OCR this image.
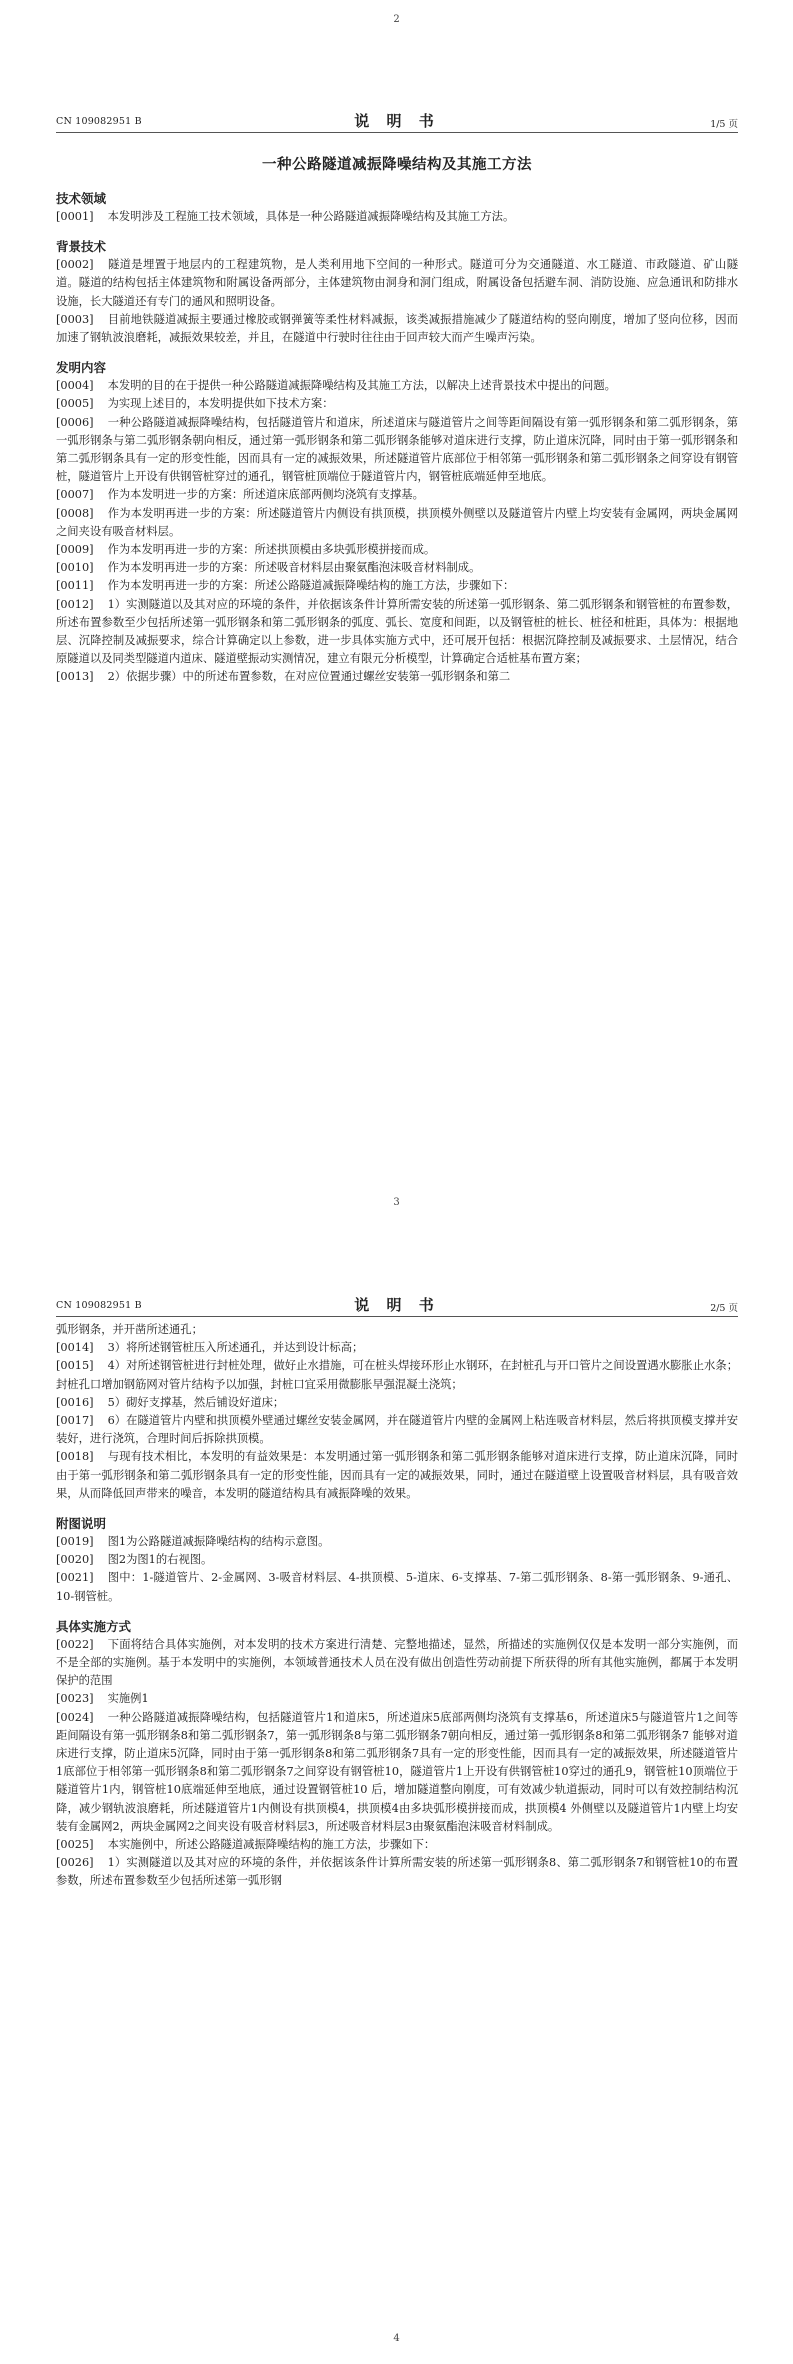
2
CN 109082951 B	说 明 书	1/5 页
一种公路隧道减振降噪结构及其施工方法
技术领域

[0001] 本发明涉及工程施工技术领域，具体是一种公路隧道减振降噪结构及其施工方法。

背景技术

[0002] 隧道是埋置于地层内的工程建筑物，是人类利用地下空间的一种形式。隧道可分为交通隧道、水工隧道、市政隧道、矿山隧道。隧道的结构包括主体建筑物和附属设备两部分，主体建筑物由洞身和洞门组成，附属设备包括避车洞、消防设施、应急通讯和防排水设施，长大隧道还有专门的通风和照明设备。

[0003] 目前地铁隧道减振主要通过橡胶或钢弹簧等柔性材料减振，该类减振措施减少了隧道结构的竖向刚度，增加了竖向位移，因而加速了钢轨波浪磨耗，减振效果较差，并且，在隧道中行驶时往往由于回声较大而产生噪声污染。

发明内容

[0004] 本发明的目的在于提供一种公路隧道减振降噪结构及其施工方法，以解决上述背景技术中提出的问题。

[0005] 为实现上述目的，本发明提供如下技术方案：

[0006] 一种公路隧道减振降噪结构，包括隧道管片和道床，所述道床与隧道管片之间等距间隔设有第一弧形钢条和第二弧形钢条，第一弧形钢条与第二弧形钢条朝向相反，通过第一弧形钢条和第二弧形钢条能够对道床进行支撑，防止道床沉降，同时由于第一弧形钢条和第二弧形钢条具有一定的形变性能，因而具有一定的减振效果，所述隧道管片底部位于相邻第一弧形钢条和第二弧形钢条之间穿设有钢管桩，隧道管片上开设有供钢管桩穿过的通孔，钢管桩顶端位于隧道管片内，钢管桩底端延伸至地底。

[0007] 作为本发明进一步的方案：所述道床底部两侧均浇筑有支撑基。

[0008] 作为本发明再进一步的方案：所述隧道管片内侧设有拱顶模，拱顶模外侧壁以及隧道管片内壁上均安装有金属网，两块金属网之间夹设有吸音材料层。

[0009] 作为本发明再进一步的方案：所述拱顶模由多块弧形模拼接而成。

[0010] 作为本发明再进一步的方案：所述吸音材料层由聚氨酯泡沫吸音材料制成。

[0011] 作为本发明再进一步的方案：所述公路隧道减振降噪结构的施工方法，步骤如下：

[0012] 1）实测隧道以及其对应的环境的条件，并依据该条件计算所需安装的所述第一弧形钢条、第二弧形钢条和钢管桩的布置参数，所述布置参数至少包括所述第一弧形钢条和第二弧形钢条的弧度、弧长、宽度和间距，以及钢管桩的桩长、桩径和桩距，具体为：根据地层、沉降控制及减振要求，综合计算确定以上参数，进一步具体实施方式中，还可展开包括：根据沉降控制及减振要求、土层情况，结合原隧道以及同类型隧道内道床、隧道壁振动实测情况，建立有限元分析模型，计算确定合适桩基布置方案；

[0013] 2）依据步骤）中的所述布置参数，在对应位置通过螺丝安装第一弧形钢条和第二

3
CN 109082951 B	说 明 书	2/5 页

弧形钢条，并开凿所述通孔；

[0014] 3）将所述钢管桩压入所述通孔，并达到设计标高；

[0015] 4）对所述钢管桩进行封桩处理，做好止水措施，可在桩头焊接环形止水钢环，在封桩孔与开口管片之间设置遇水膨胀止水条；封桩孔口增加钢筋网对管片结构予以加强，封桩口宜采用微膨胀早强混凝土浇筑；

[0016] 5）砌好支撑基，然后铺设好道床；

[0017] 6）在隧道管片内壁和拱顶模外壁通过螺丝安装金属网，并在隧道管片内壁的金属网上粘连吸音材料层，然后将拱顶模支撑并安装好，进行浇筑，合理时间后拆除拱顶模。

[0018] 与现有技术相比，本发明的有益效果是：本发明通过第一弧形钢条和第二弧形钢条能够对道床进行支撑，防止道床沉降，同时由于第一弧形钢条和第二弧形钢条具有一定的形变性能，因而具有一定的减振效果，同时，通过在隧道壁上设置吸音材料层，具有吸音效果，从而降低回声带来的噪音，本发明的隧道结构具有减振降噪的效果。

附图说明

[0019] 图1为公路隧道减振降噪结构的结构示意图。

[0020] 图2为图1的右视图。

[0021] 图中：1-隧道管片、2-金属网、3-吸音材料层、4-拱顶模、5-道床、6-支撑基、7-第二弧形钢条、8-第一弧形钢条、9-通孔、10-钢管桩。

具体实施方式

[0022] 下面将结合具体实施例，对本发明的技术方案进行清楚、完整地描述，显然，所描述的实施例仅仅是本发明一部分实施例，而不是全部的实施例。基于本发明中的实施例，本领域普通技术人员在没有做出创造性劳动前提下所获得的所有其他实施例，都属于本发明保护的范围

[0023] 实施例1

[0024] 一种公路隧道减振降噪结构，包括隧道管片1和道床5，所述道床5底部两侧均浇筑有支撑基6，所述道床5与隧道管片1之间等距间隔设有第一弧形钢条8和第二弧形钢条7，第一弧形钢条8与第二弧形钢条7朝向相反，通过第一弧形钢条8和第二弧形钢条7 能够对道床进行支撑，防止道床5沉降，同时由于第一弧形钢条8和第二弧形钢条7具有一定的形变性能，因而具有一定的减振效果，所述隧道管片1底部位于相邻第一弧形钢条8和第二弧形钢条7之间穿设有钢管桩10，隧道管片1上开设有供钢管桩10穿过的通孔9，钢管桩10顶端位于隧道管片1内，钢管桩10底端延伸至地底，通过设置钢管桩10 后，增加隧道整向刚度，可有效减少轨道振动，同时可以有效控制结构沉降，减少钢轨波浪磨耗，所述隧道管片1内侧设有拱顶模4，拱顶模4由多块弧形模拼接而成，拱顶模4 外侧壁以及隧道管片1内壁上均安装有金属网2，两块金属网2之间夹设有吸音材料层3，所述吸音材料层3由聚氨酯泡沫吸音材料制成。

[0025] 本实施例中，所述公路隧道减振降噪结构的施工方法，步骤如下：

[0026] 1）实测隧道以及其对应的环境的条件，并依据该条件计算所需安装的所述第一弧形钢条8、第二弧形钢条7和钢管桩10的布置参数，所述布置参数至少包括所述第一弧形钢

4
